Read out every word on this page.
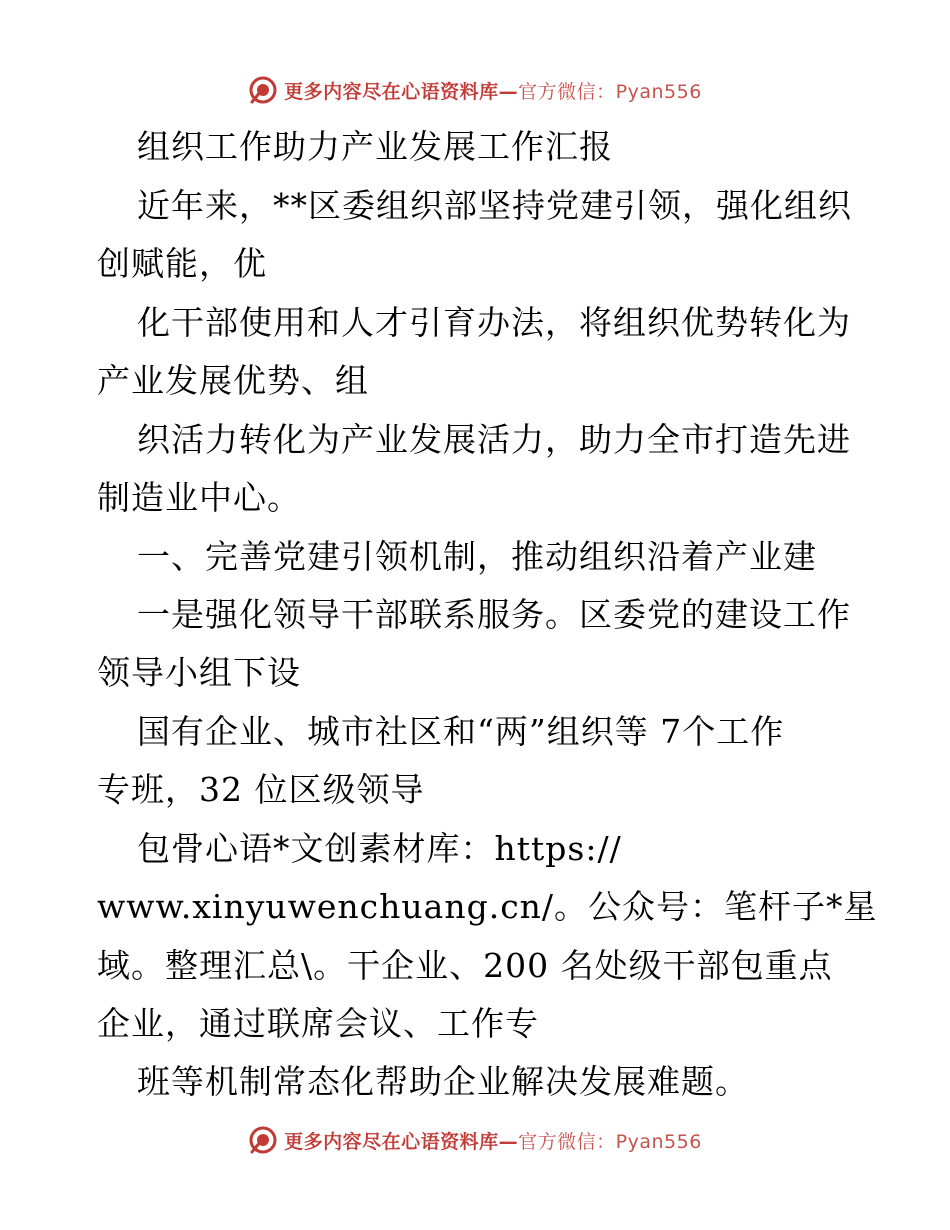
更多内容尽在心语资料库—官方微信：Pyan556
组织工作助力产业发展工作汇报
近年来，**区委组织部坚持党建引领，强化组织
创赋能，优
化干部使用和人才引育办法，将组织优势转化为
产业发展优势、组
织活力转化为产业发展活力，助力全市打造先进
制造业中心。
一、完善党建引领机制，推动组织沿着产业建
一是强化领导干部联系服务。区委党的建设工作
领导小组下设
国有企业、城市社区和“两”组织等 7个工作
专班，32 位区级领导
包骨心语*文创素材库：https://
www.xinyuwenchuang.cn/。公众号：笔杆子*星
域。整理汇总\。干企业、200 名处级干部包重点
企业，通过联席会议、工作专
班等机制常态化帮助企业解决发展难题。
更多内容尽在心语资料库—官方微信：Pyan556
